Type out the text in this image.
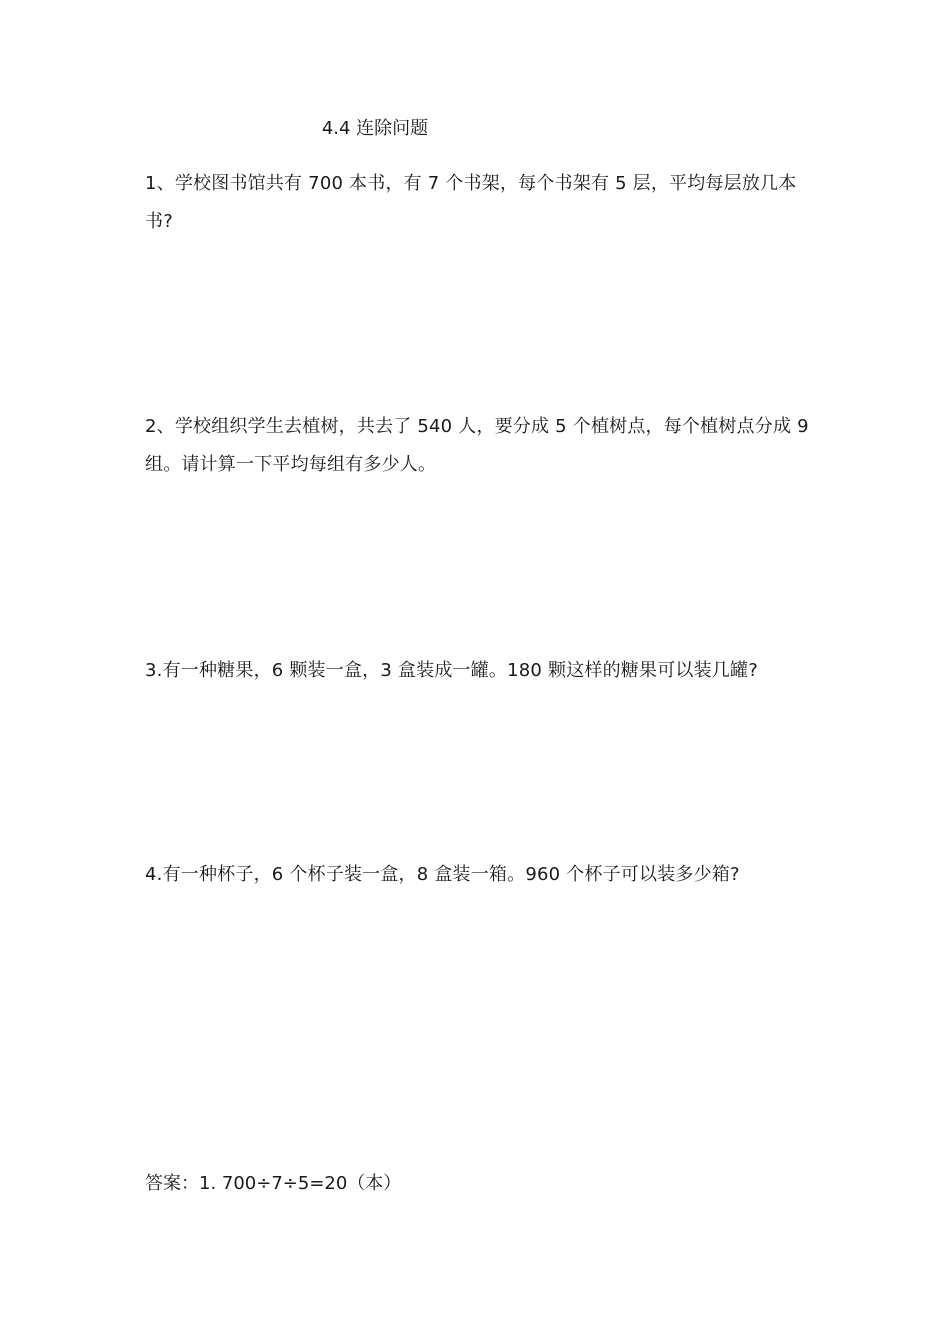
4.4 连除问题
1、学校图书馆共有 700 本书，有 7 个书架，每个书架有 5 层，平均每层放几本书?
2、学校组织学生去植树，共去了 540 人，要分成 5 个植树点，每个植树点分成 9 组。请计算一下平均每组有多少人。
3.有一种糖果，6 颗装一盒，3 盒装成一罐。180 颗这样的糖果可以装几罐?
4.有一种杯子，6 个杯子装一盒，8 盒装一箱。960 个杯子可以装多少箱?
答案：1. 700÷7÷5=20（本）
